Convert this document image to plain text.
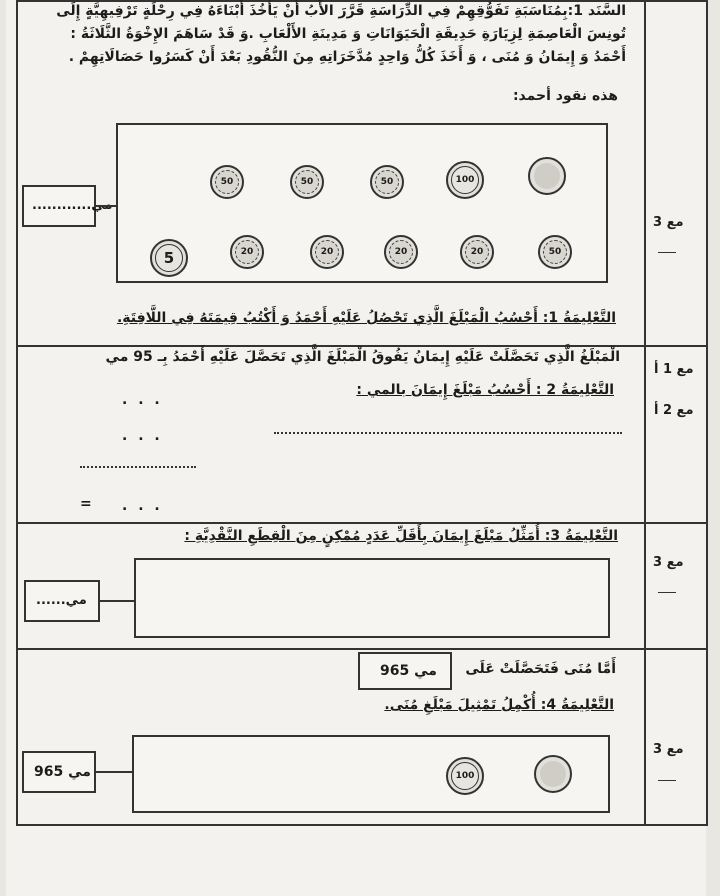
السَّنَد 1:بِمُنَاسَبَةِ تَفَوُّقِهِمْ فِي الدِّرَاسَةِ قَرَّرَ الأَبُ أَنْ يَأْخُذَ أَبْنَاءَهُ فِي رِحْلَةٍ تَرْفِيهِيَّةٍ إِلَى
تُونِسَ الْعَاصِمَةِ لِزِيَارَةِ حَدِيقَةِ الْحَيَوَانَاتِ وَ مَدِينَةِ الأَلْعَابِ .وَ قَدْ سَاهَمَ الإِخْوَةُ الثَّلَاثَةُ :
أَحْمَدُ وَ إِيمَانُ وَ مُنَى ، وَ أَخَذَ كُلُّ وَاحِدٍ مُدَّخَرَاتِهِ مِنَ النُّقُودِ بَعْدَ أَنْ كَسَرُوا حَصَالَاتِهِمْ .
هذه نقود أحمد:
50	50	50	100
5	20	20	20	20	50
............مي
التَّعْلِيمَةُ 1: أَحْسُبُ الْمَبْلَغَ الَّذِي تَحْصُلُ عَلَيْهِ أَحْمَدُ وَ أَكْتُبُ قِيمَتَهُ فِي اللَّافِتَةِ.
مع 3
الْمَبْلَغُ الَّذِي تَحَصَّلَتْ عَلَيْهِ إِيمَانُ يَفُوقُ الْمَبْلَغَ الَّذِي تَحَصَّلَ عَلَيْهِ أَحْمَدُ بِـ 95 مي
التَّعْلِيمَةُ 2 : أَحْسُبُ مَبْلَغَ إِيمَانَ بالمي :
. . .
. . .
= . . .
مع 1 أ
مع 2 أ
التَّعْلِيمَةُ 3: أُمَثِّلُ مَبْلَغَ إِيمَانَ بِأَقَلِّ عَدَدٍ مُمْكِنٍ مِنَ الْقِطَعِ النَّقْدِيَّةِ :
......مي
مع 3
أَمَّا مُنَى فَتَحَصَّلَتْ عَلَى
965 مي
التَّعْلِيمَةُ 4: أُكْمِلُ تَمْثِيلَ مَبْلَغِ مُنَى.
100
965 مي
مع 3
